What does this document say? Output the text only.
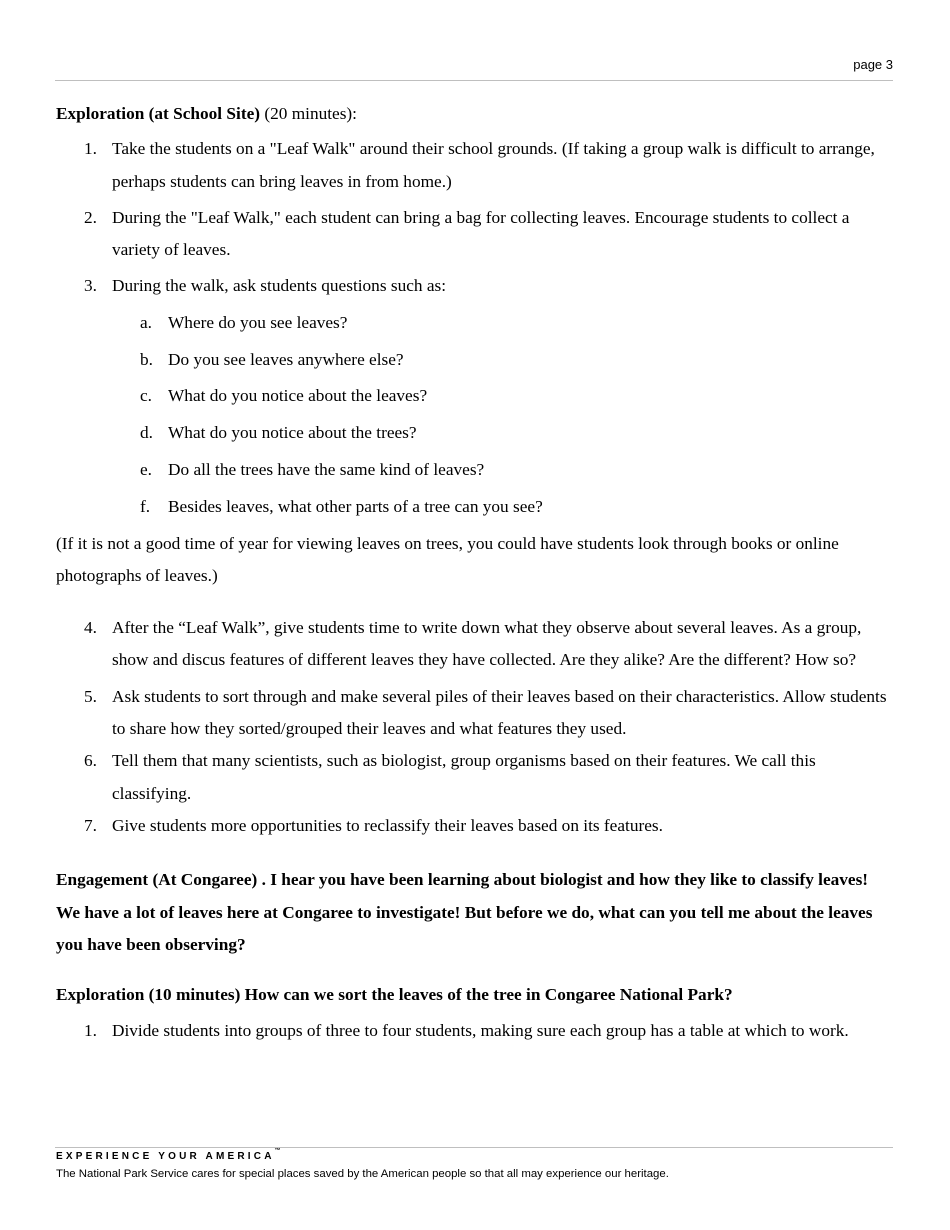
page 3

Exploration (at School Site) (20 minutes):

1. Take the students on a "Leaf Walk" around their school grounds. (If taking a group walk is difficult to arrange, perhaps students can bring leaves in from home.)
2. During the "Leaf Walk," each student can bring a bag for collecting leaves. Encourage students to collect a variety of leaves.
3. During the walk, ask students questions such as:
a. Where do you see leaves?
b. Do you see leaves anywhere else?
c. What do you notice about the leaves?
d. What do you notice about the trees?
e. Do all the trees have the same kind of leaves?
f. Besides leaves, what other parts of a tree can you see?

(If it is not a good time of year for viewing leaves on trees, you could have students look through books or online photographs of leaves.)

4. After the “Leaf Walk”, give students time to write down what they observe about several leaves. As a group, show and discus features of different leaves they have collected. Are they alike? Are the different? How so?
5. Ask students to sort through and make several piles of their leaves based on their characteristics. Allow students to share how they sorted/grouped their leaves and what features they used.
6. Tell them that many scientists, such as biologist, group organisms based on their features. We call this classifying.
7. Give students more opportunities to reclassify their leaves based on its features.

Engagement (At Congaree) . I hear you have been learning about biologist and how they like to classify leaves! We have a lot of leaves here at Congaree to investigate! But before we do, what can you tell me about the leaves you have been observing?

Exploration (10 minutes) How can we sort the leaves of the tree in Congaree National Park?

1. Divide students into groups of three to four students, making sure each group has a table at which to work.
EXPERIENCE YOUR AMERICA™
The National Park Service cares for special places saved by the American people so that all may experience our heritage.
